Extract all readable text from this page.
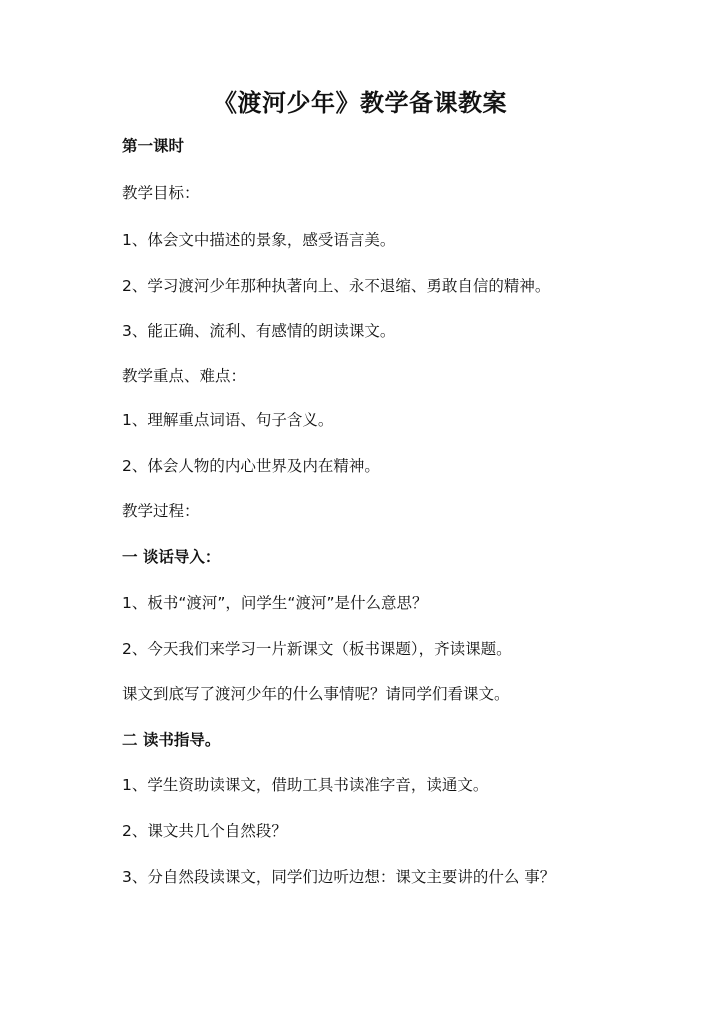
《渡河少年》教学备课教案
第一课时
教学目标：
1、体会文中描述的景象，感受语言美。
2、学习渡河少年那种执著向上、永不退缩、勇敢自信的精神。
3、能正确、流利、有感情的朗读课文。
教学重点、难点：
1、理解重点词语、句子含义。
2、体会人物的内心世界及内在精神。
教学过程：
一 谈话导入：
1、板书“渡河”，问学生“渡河”是什么意思？
2、今天我们来学习一片新课文（板书课题），齐读课题。
课文到底写了渡河少年的什么事情呢？请同学们看课文。
二 读书指导。
1、学生资助读课文，借助工具书读准字音，读通文。
2、课文共几个自然段？
3、分自然段读课文，同学们边听边想：课文主要讲的什么 事？
